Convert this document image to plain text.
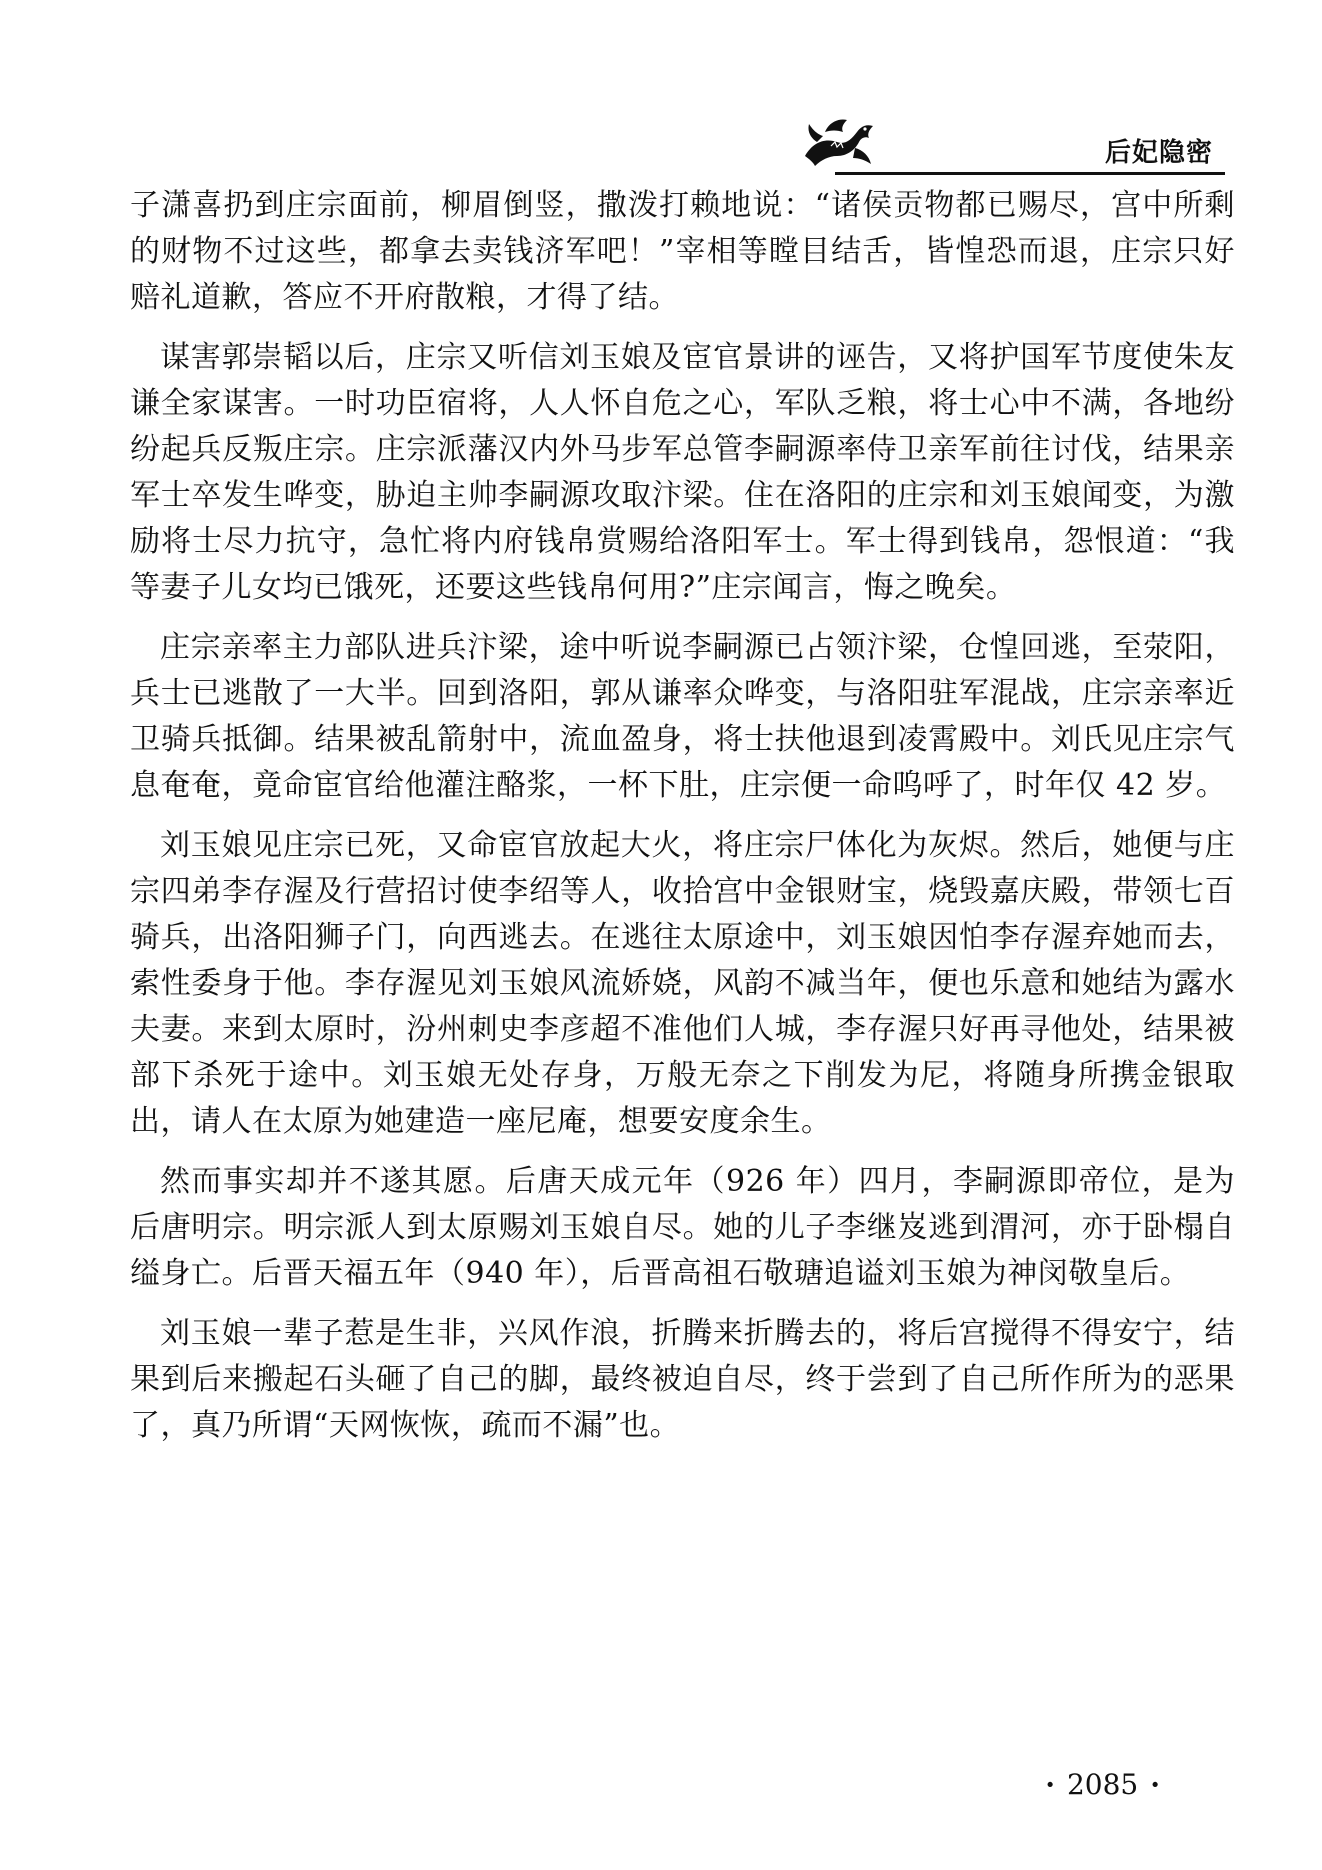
后妃隐密

子潇喜扔到庄宗面前，柳眉倒竖，撒泼打赖地说：“诸侯贡物都已赐尽，宫中所剩的财物不过这些，都拿去卖钱济军吧！”宰相等瞠目结舌，皆惶恐而退，庄宗只好赔礼道歉，答应不开府散粮，才得了结。

谋害郭崇韬以后，庄宗又听信刘玉娘及宦官景讲的诬告，又将护国军节度使朱友谦全家谋害。一时功臣宿将，人人怀自危之心，军队乏粮，将士心中不满，各地纷纷起兵反叛庄宗。庄宗派藩汉内外马步军总管李嗣源率侍卫亲军前往讨伐，结果亲军士卒发生哗变，胁迫主帅李嗣源攻取汴梁。住在洛阳的庄宗和刘玉娘闻变，为激励将士尽力抗守，急忙将内府钱帛赏赐给洛阳军士。军士得到钱帛，怨恨道：“我等妻子儿女均已饿死，还要这些钱帛何用?”庄宗闻言，悔之晚矣。

庄宗亲率主力部队进兵汴梁，途中听说李嗣源已占领汴梁，仓惶回逃，至荥阳，兵士已逃散了一大半。回到洛阳，郭从谦率众哗变，与洛阳驻军混战，庄宗亲率近卫骑兵抵御。结果被乱箭射中，流血盈身，将士扶他退到凌霄殿中。刘氏见庄宗气息奄奄，竟命宦官给他灌注酪浆，一杯下肚，庄宗便一命呜呼了，时年仅 42 岁。

刘玉娘见庄宗已死，又命宦官放起大火，将庄宗尸体化为灰烬。然后，她便与庄宗四弟李存渥及行营招讨使李绍等人，收拾宫中金银财宝，烧毁嘉庆殿，带领七百骑兵，出洛阳狮子门，向西逃去。在逃往太原途中，刘玉娘因怕李存渥弃她而去，索性委身于他。李存渥见刘玉娘风流娇娆，风韵不减当年，便也乐意和她结为露水夫妻。来到太原时，汾州刺史李彦超不准他们人城，李存渥只好再寻他处，结果被部下杀死于途中。刘玉娘无处存身，万般无奈之下削发为尼，将随身所携金银取出，请人在太原为她建造一座尼庵，想要安度余生。

然而事实却并不遂其愿。后唐天成元年（926 年）四月，李嗣源即帝位，是为后唐明宗。明宗派人到太原赐刘玉娘自尽。她的儿子李继岌逃到渭河，亦于卧榻自缢身亡。后晋天福五年（940 年），后晋高祖石敬瑭追谥刘玉娘为神闵敬皇后。

刘玉娘一辈子惹是生非，兴风作浪，折腾来折腾去的，将后宫搅得不得安宁，结果到后来搬起石头砸了自己的脚，最终被迫自尽，终于尝到了自己所作所为的恶果了，真乃所谓“天网恢恢，疏而不漏”也。

· 2085 ·
